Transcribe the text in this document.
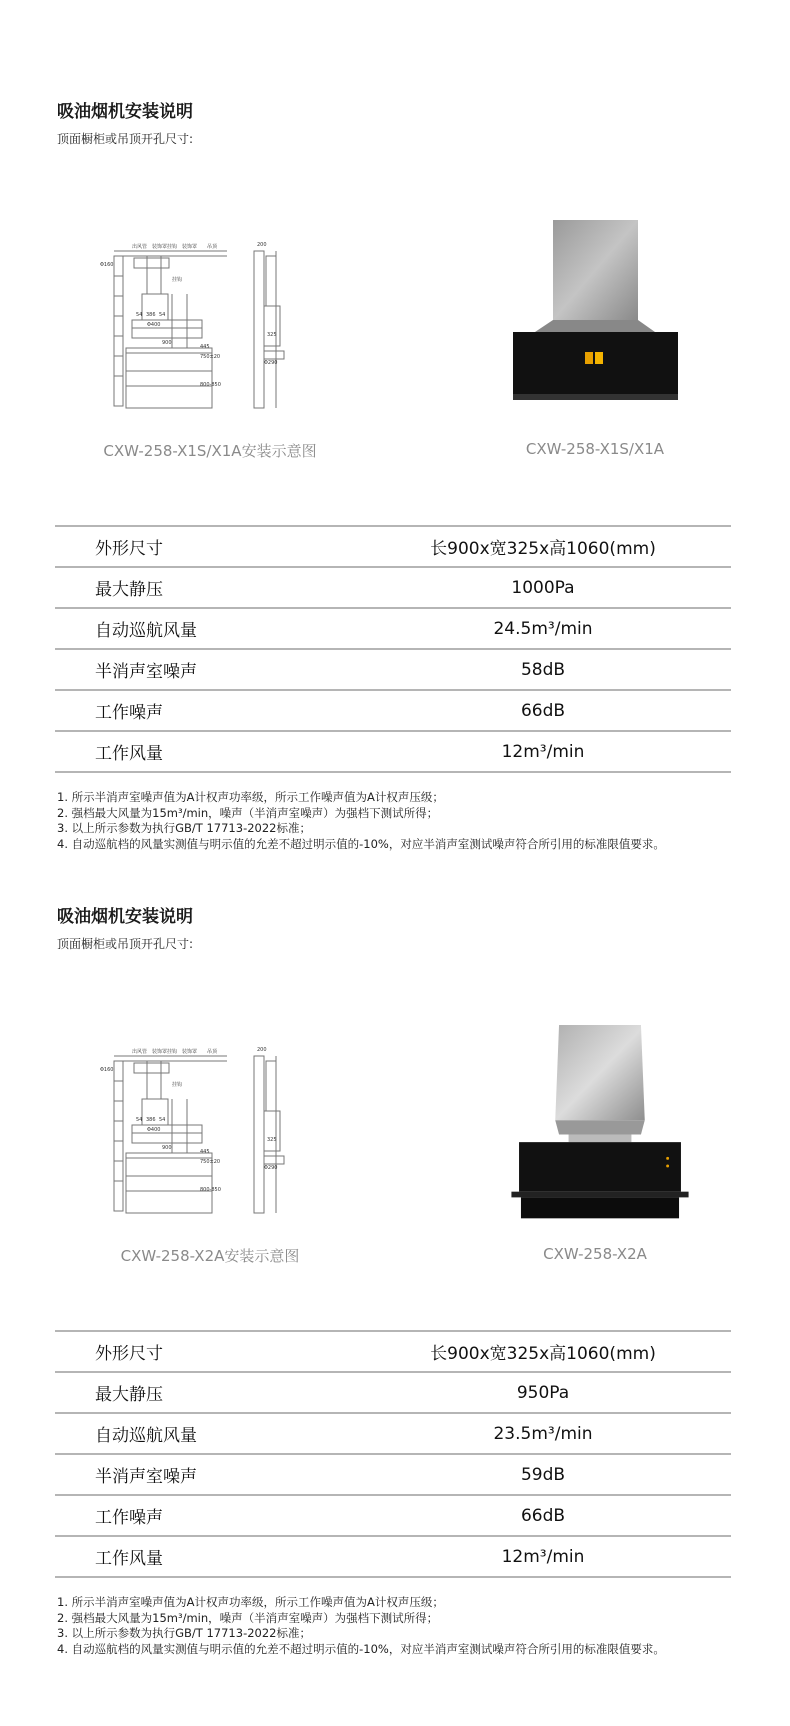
吸油烟机安装说明
顶面橱柜或吊顶开孔尺寸:
出风管 装饰罩挂钩 装饰罩 吊顶	200
Φ160
挂钩
54 386 54
Φ400
900
445
750±20
800-850
325
Φ290
CXW-258-X1S/X1A安装示意图	CXW-258-X1S/X1A
外形尺寸	长900x宽325x高1060(mm)
最大静压	1000Pa
自动巡航风量	24.5m³/min
半消声室噪声	58dB
工作噪声	66dB
工作风量	12m³/min
1. 所示半消声室噪声值为A计权声功率级，所示工作噪声值为A计权声压级；
2. 强档最大风量为15m³/min，噪声（半消声室噪声）为强档下测试所得；
3. 以上所示参数为执行GB/T 17713-2022标准；
4. 自动巡航档的风量实测值与明示值的允差不超过明示值的-10%，对应半消声室测试噪声符合所引用的标准限值要求。
吸油烟机安装说明
顶面橱柜或吊顶开孔尺寸:
出风管 装饰罩挂钩 装饰罩 吊顶	200
Φ160
挂钩
54 386 54
Φ400
900
445
750±20
800-850
325
Φ290
CXW-258-X2A安装示意图	CXW-258-X2A
外形尺寸	长900x宽325x高1060(mm)
最大静压	950Pa
自动巡航风量	23.5m³/min
半消声室噪声	59dB
工作噪声	66dB
工作风量	12m³/min
1. 所示半消声室噪声值为A计权声功率级，所示工作噪声值为A计权声压级；
2. 强档最大风量为15m³/min，噪声（半消声室噪声）为强档下测试所得；
3. 以上所示参数为执行GB/T 17713-2022标准；
4. 自动巡航档的风量实测值与明示值的允差不超过明示值的-10%，对应半消声室测试噪声符合所引用的标准限值要求。
